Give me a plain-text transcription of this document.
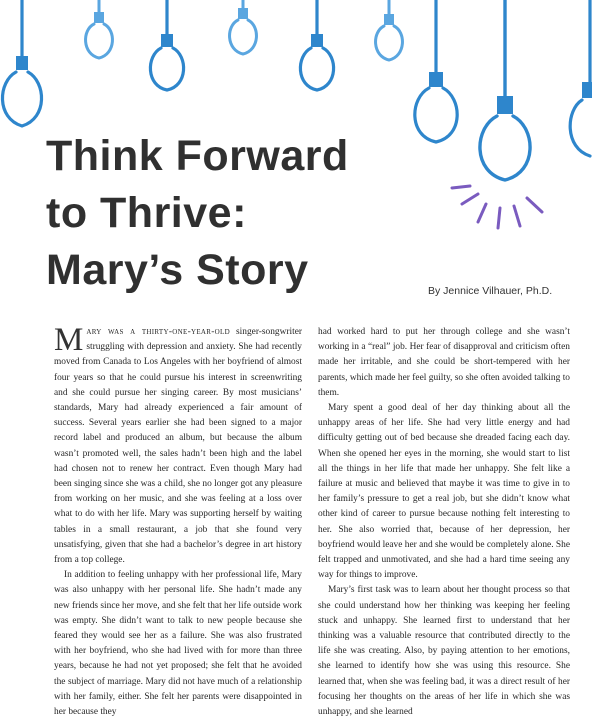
Think Forward
to Thrive:
Mary’s Story	By Jennice Vilhauer, Ph.D.

Mary was a thirty-one-year-old singer-songwriter struggling with depression and anxiety. She had recently moved from Canada to Los Angeles with her boyfriend of almost four years so that he could pursue his interest in screenwriting and she could pursue her singing career. By most musicians’ standards, Mary had already experienced a fair amount of success. Several years earlier she had been signed to a major record label and produced an album, but because the album wasn’t promoted well, the sales hadn’t been high and the label had chosen not to renew her contract. Even though Mary had been singing since she was a child, she no longer got any pleasure from working on her music, and she was feeling at a loss over what to do with her life. Mary was supporting herself by waiting tables in a small restaurant, a job that she found very unsatisfying, given that she had a bachelor’s degree in art history from a top college.

In addition to feeling unhappy with her professional life, Mary was also unhappy with her personal life. She hadn’t made any new friends since her move, and she felt that her life outside work was empty. She didn’t want to talk to new people because she feared they would see her as a failure. She was also frustrated with her boyfriend, who she had lived with for more than three years, because he had not yet proposed; she felt that he avoided the subject of marriage. Mary did not have much of a relationship with her family, either. She felt her parents were disappointed in her because they

had worked hard to put her through college and she wasn’t working in a “real” job. Her fear of disapproval and criticism often made her irritable, and she could be short-tempered with her parents, which made her feel guilty, so she often avoided talking to them.

Mary spent a good deal of her day thinking about all the unhappy areas of her life. She had very little energy and had difficulty getting out of bed because she dreaded facing each day. When she opened her eyes in the morning, she would start to list all the things in her life that made her unhappy. She felt like a failure at music and believed that maybe it was time to give in to her family’s pressure to get a real job, but she didn’t know what other kind of career to pursue because nothing felt interesting to her. She also worried that, because of her depression, her boyfriend would leave her and she would be completely alone. She felt trapped and unmotivated, and she had a hard time seeing any way for things to improve.

Mary’s first task was to learn about her thought process so that she could understand how her thinking was keeping her feeling stuck and unhappy. She learned first to understand that her thinking was a valuable resource that contributed directly to the life she was creating. Also, by paying attention to her emotions, she learned to identify how she was using this resource. She learned that, when she was feeling bad, it was a direct result of her focusing her thoughts on the areas of her life in which she was unhappy, and she learned
